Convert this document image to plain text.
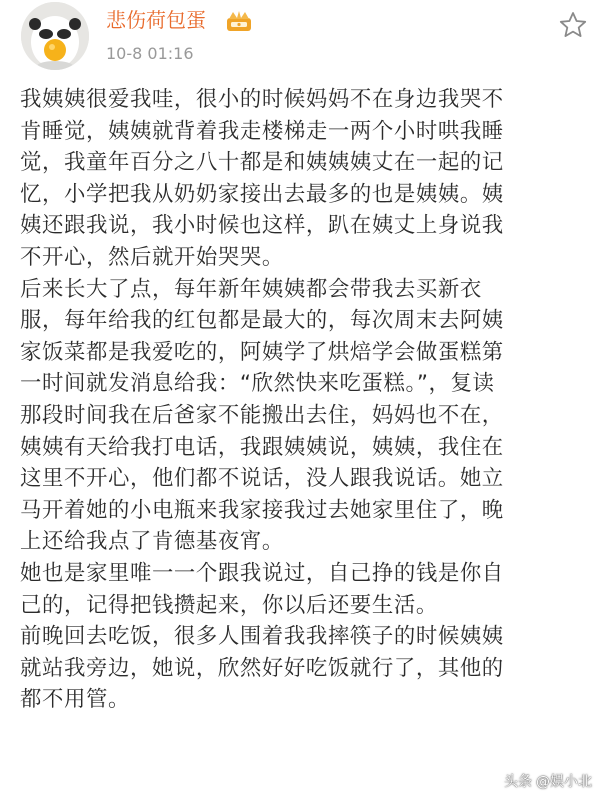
悲伤荷包蛋
10-8 01:16

我姨姨很爱我哇，很小的时候妈妈不在身边我哭不
肯睡觉，姨姨就背着我走楼梯走一两个小时哄我睡
觉，我童年百分之八十都是和姨姨姨丈在一起的记
忆，小学把我从奶奶家接出去最多的也是姨姨。姨
姨还跟我说，我小时候也这样，趴在姨丈上身说我
不开心，然后就开始哭哭。

后来长大了点，每年新年姨姨都会带我去买新衣
服，每年给我的红包都是最大的，每次周末去阿姨
家饭菜都是我爱吃的，阿姨学了烘焙学会做蛋糕第
一时间就发消息给我：“欣然快来吃蛋糕。”，复读
那段时间我在后爸家不能搬出去住，妈妈也不在，
姨姨有天给我打电话，我跟姨姨说，姨姨，我住在
这里不开心，他们都不说话，没人跟我说话。她立
马开着她的小电瓶来我家接我过去她家里住了，晚
上还给我点了肯德基夜宵。

她也是家里唯一一个跟我说过，自己挣的钱是你自
己的，记得把钱攒起来，你以后还要生活。

前晚回去吃饭，很多人围着我我摔筷子的时候姨姨
就站我旁边，她说，欣然好好吃饭就行了，其他的
都不用管。

头条 @娱小北
